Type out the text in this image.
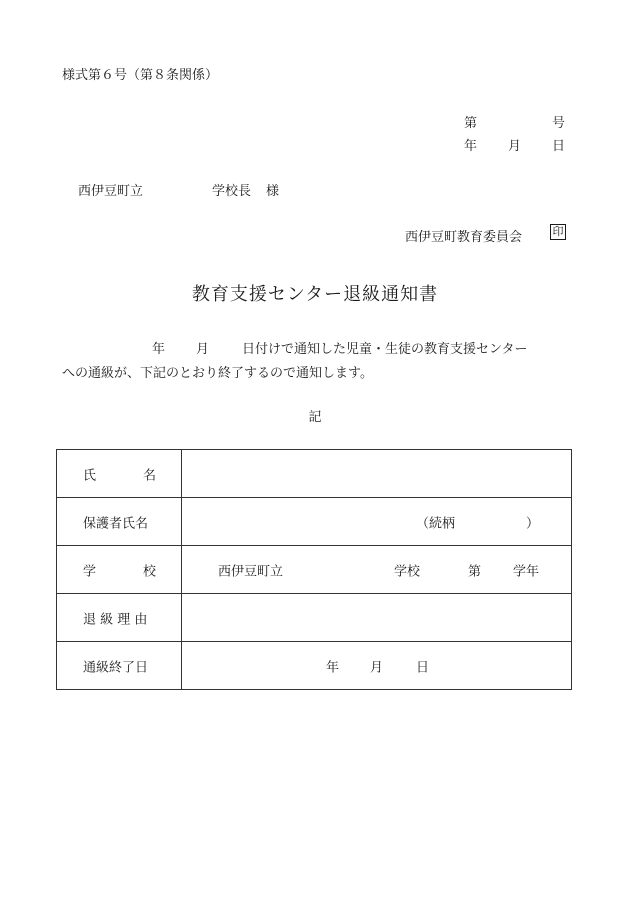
様式第６号（第８条関係）
第	号
年 月 日
西伊豆町立	学校長 様
西伊豆町教育委員会	印
教育支援センター退級通知書
年 月	日付けで通知した児童・生徒の教育支援センター
への通級が、下記のとおり終了するので通知します。
記
氏 名	

保護者氏名	（続柄 ）

学 校	西伊豆町立 学校 第 学年

退 級 理 由	

通級終了日	年 月 日
